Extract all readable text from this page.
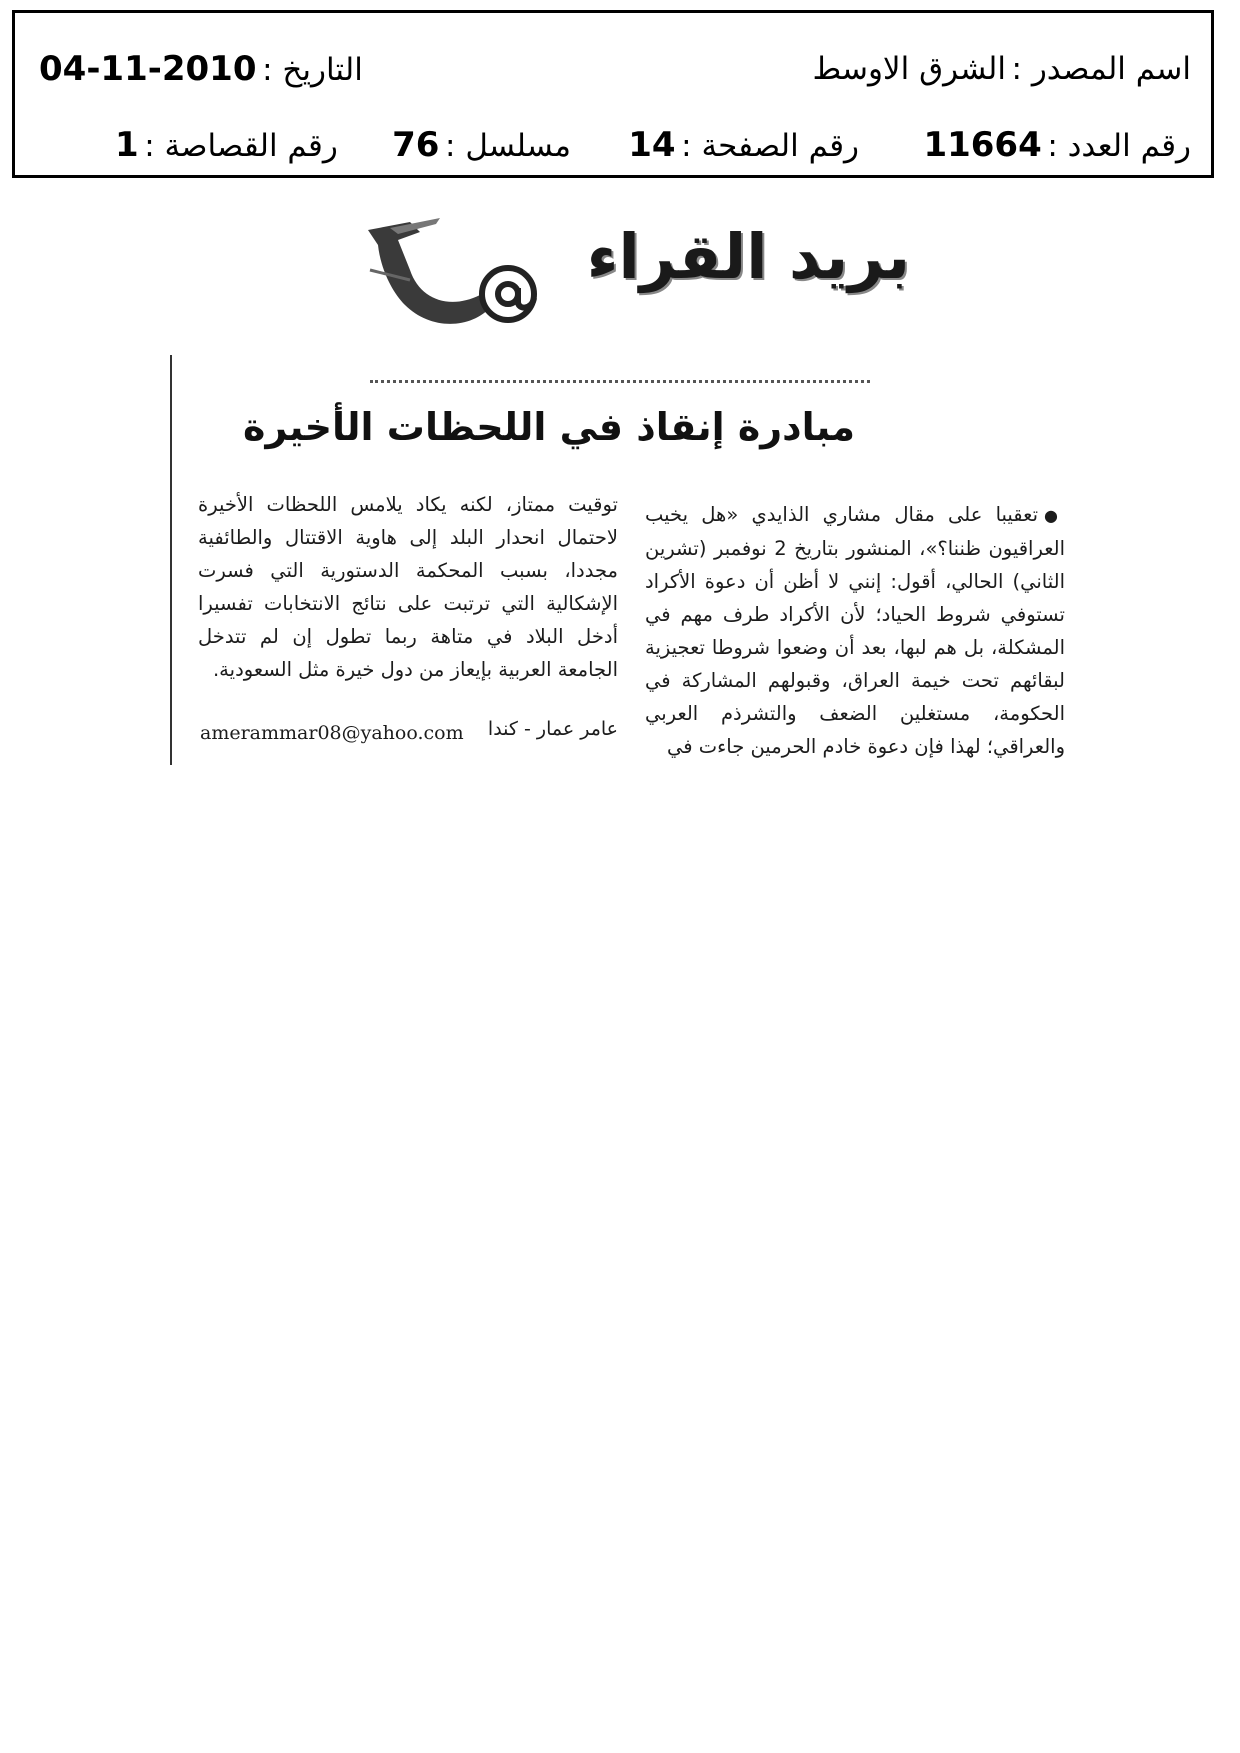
اسم المصدر : الشرق الاوسط
التاريخ : 04-11-2010
رقم العدد : 11664
رقم الصفحة : 14
مسلسل : 76
رقم القصاصة : 1
بريد القراء
مبادرة إنقاذ في اللحظات الأخيرة
●تعقيبا على مقال مشاري الذايدي «هل يخيب العراقيون ظننا؟»، المنشور بتاريخ 2 نوفمبر (تشرين الثاني) الحالي، أقول: إنني لا أظن أن دعوة الأكراد تستوفي شروط الحياد؛ لأن الأكراد طرف مهم في المشكلة، بل هم لبها، بعد أن وضعوا شروطا تعجيزية لبقائهم تحت خيمة العراق، وقبولهم المشاركة في الحكومة، مستغلين الضعف والتشرذم العربي والعراقي؛ لهذا فإن دعوة خادم الحرمين جاءت في
توقيت ممتاز، لكنه يكاد يلامس اللحظات الأخيرة لاحتمال انحدار البلد إلى هاوية الاقتتال والطائفية مجددا، بسبب المحكمة الدستورية التي فسرت الإشكالية التي ترتبت على نتائج الانتخابات تفسيرا أدخل البلاد في متاهة ربما تطول إن لم تتدخل الجامعة العربية بإيعاز من دول خيرة مثل السعودية.
عامر عمار - كندا
amerammar08@yahoo.com
